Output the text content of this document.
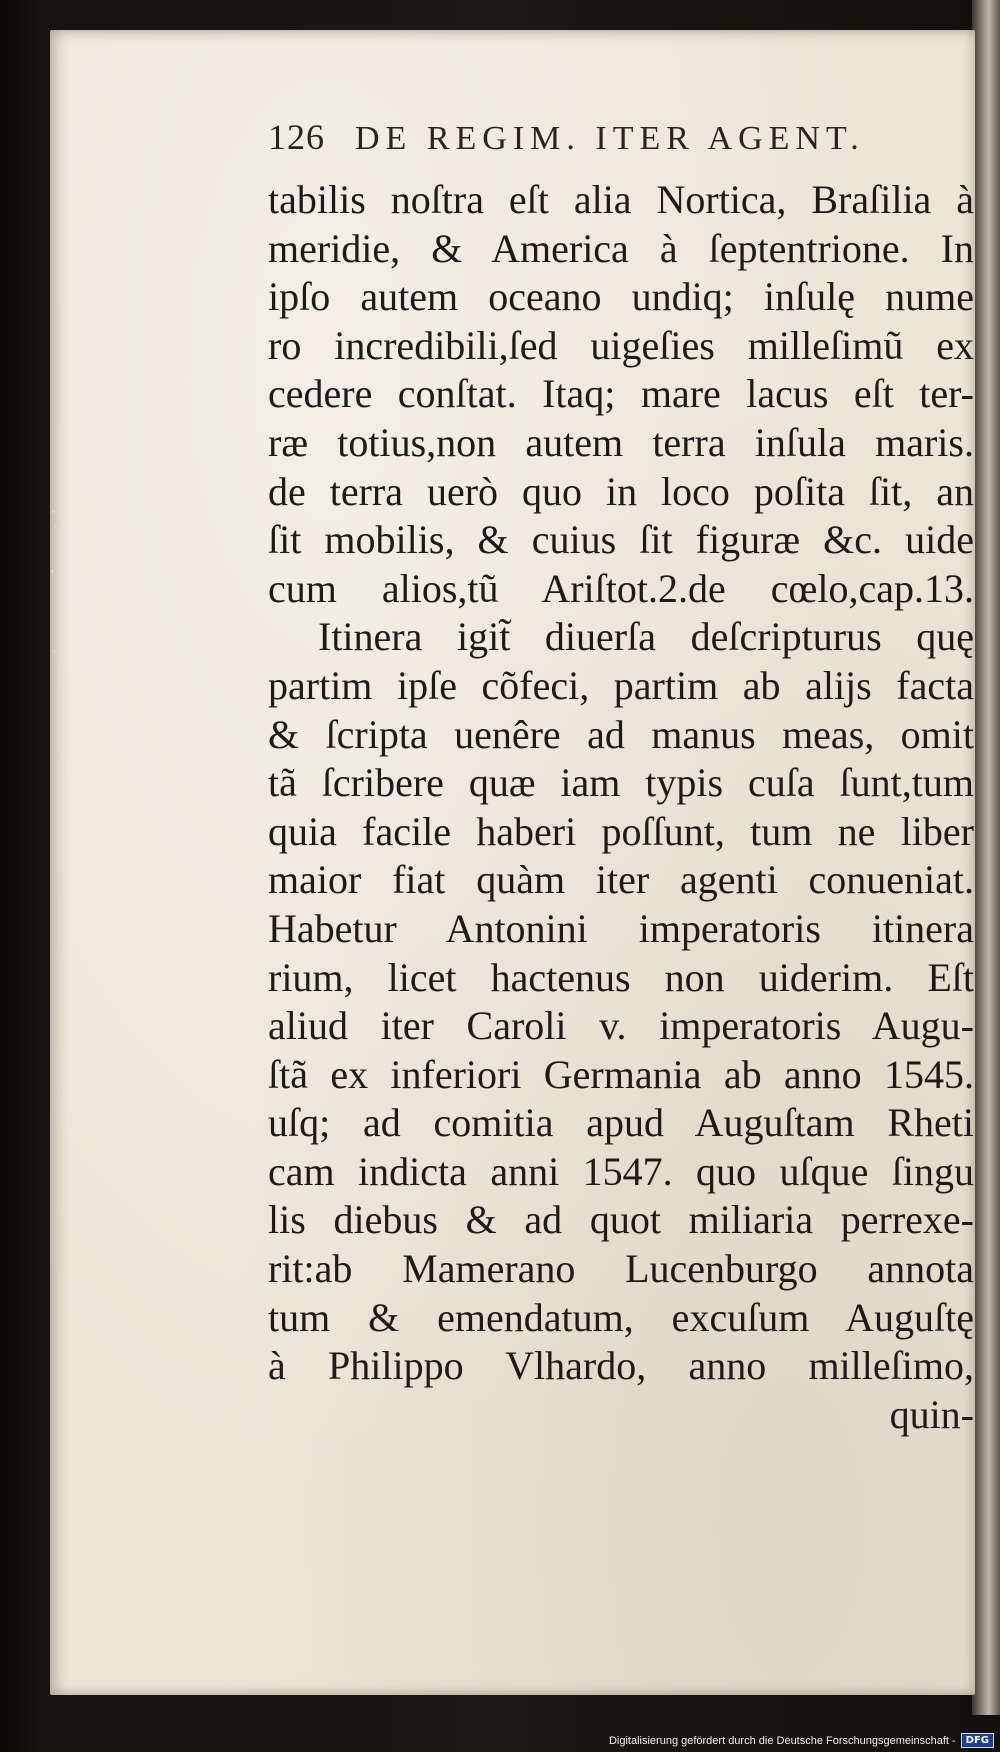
126 DE REGIM. ITER AGENT.
tabilis noſtra eſt alia Nortica, Braſilia à
meridie, & America à ſeptentrione. In
ipſo autem oceano undiq; inſulę nume
ro incredibili,ſed uigeſies milleſimũ ex
cedere conſtat. Itaq; mare lacus eſt ter-
ræ totius,non autem terra inſula maris.
de terra uerò quo in loco poſita ſit, an
ſit mobilis, & cuius ſit figuræ &c. uide
cum alios,tũ Ariſtot.2.de cœlo,cap.13.
Itinera igit̃ diuerſa deſcripturus quę
partim ipſe cõfeci, partim ab alijs facta
& ſcripta uenêre ad manus meas, omit
tã ſcribere quæ iam typis cuſa ſunt,tum
quia facile haberi poſſunt, tum ne liber
maior fiat quàm iter agenti conueniat.
Habetur Antonini imperatoris itinera
rium, licet hactenus non uiderim. Eſt
aliud iter Caroli v. imperatoris Augu-
ſtã ex inferiori Germania ab anno 1545.
uſq; ad comitia apud Auguſtam Rheti
cam indicta anni 1547. quo uſque ſingu
lis diebus & ad quot miliaria perrexe-
rit:ab Mamerano Lucenburgo annota
tum & emendatum, excuſum Auguſtę
à Philippo Vlhardo, anno milleſimo,
quin-
Digitalisierung gefördert durch die Deutsche Forschungsgemeinschaft -	DFG
